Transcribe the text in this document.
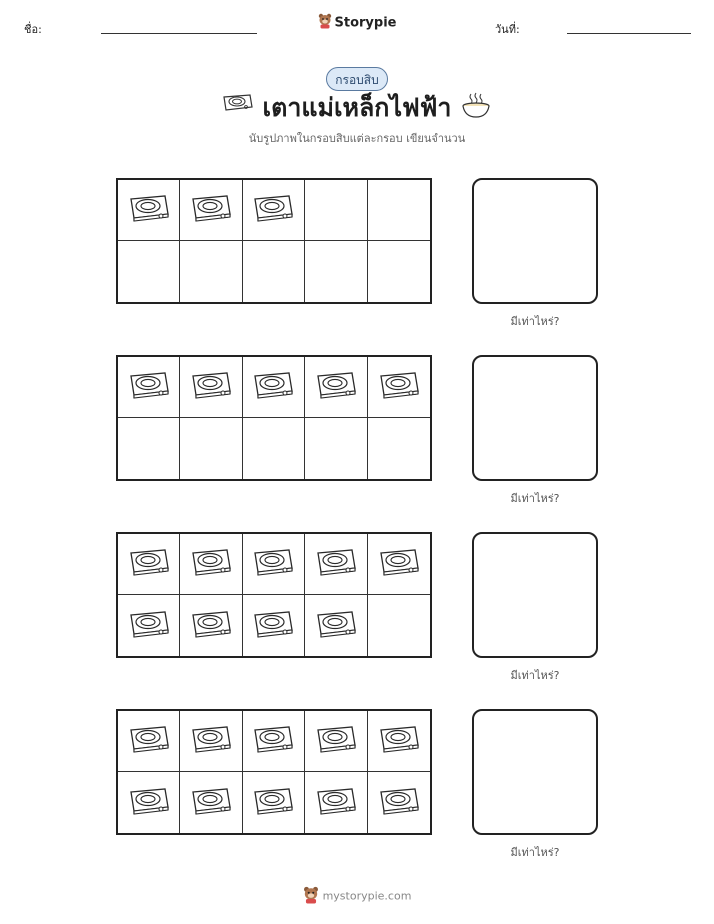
ชื่อ:	Storypie	วันที่:
กรอบสิบ
เตาแม่เหล็กไฟฟ้า
นับรูปภาพในกรอบสิบแต่ละกรอบ เขียนจำนวน
มีเท่าไหร่?
มีเท่าไหร่?
มีเท่าไหร่?
มีเท่าไหร่?
mystorypie.com
